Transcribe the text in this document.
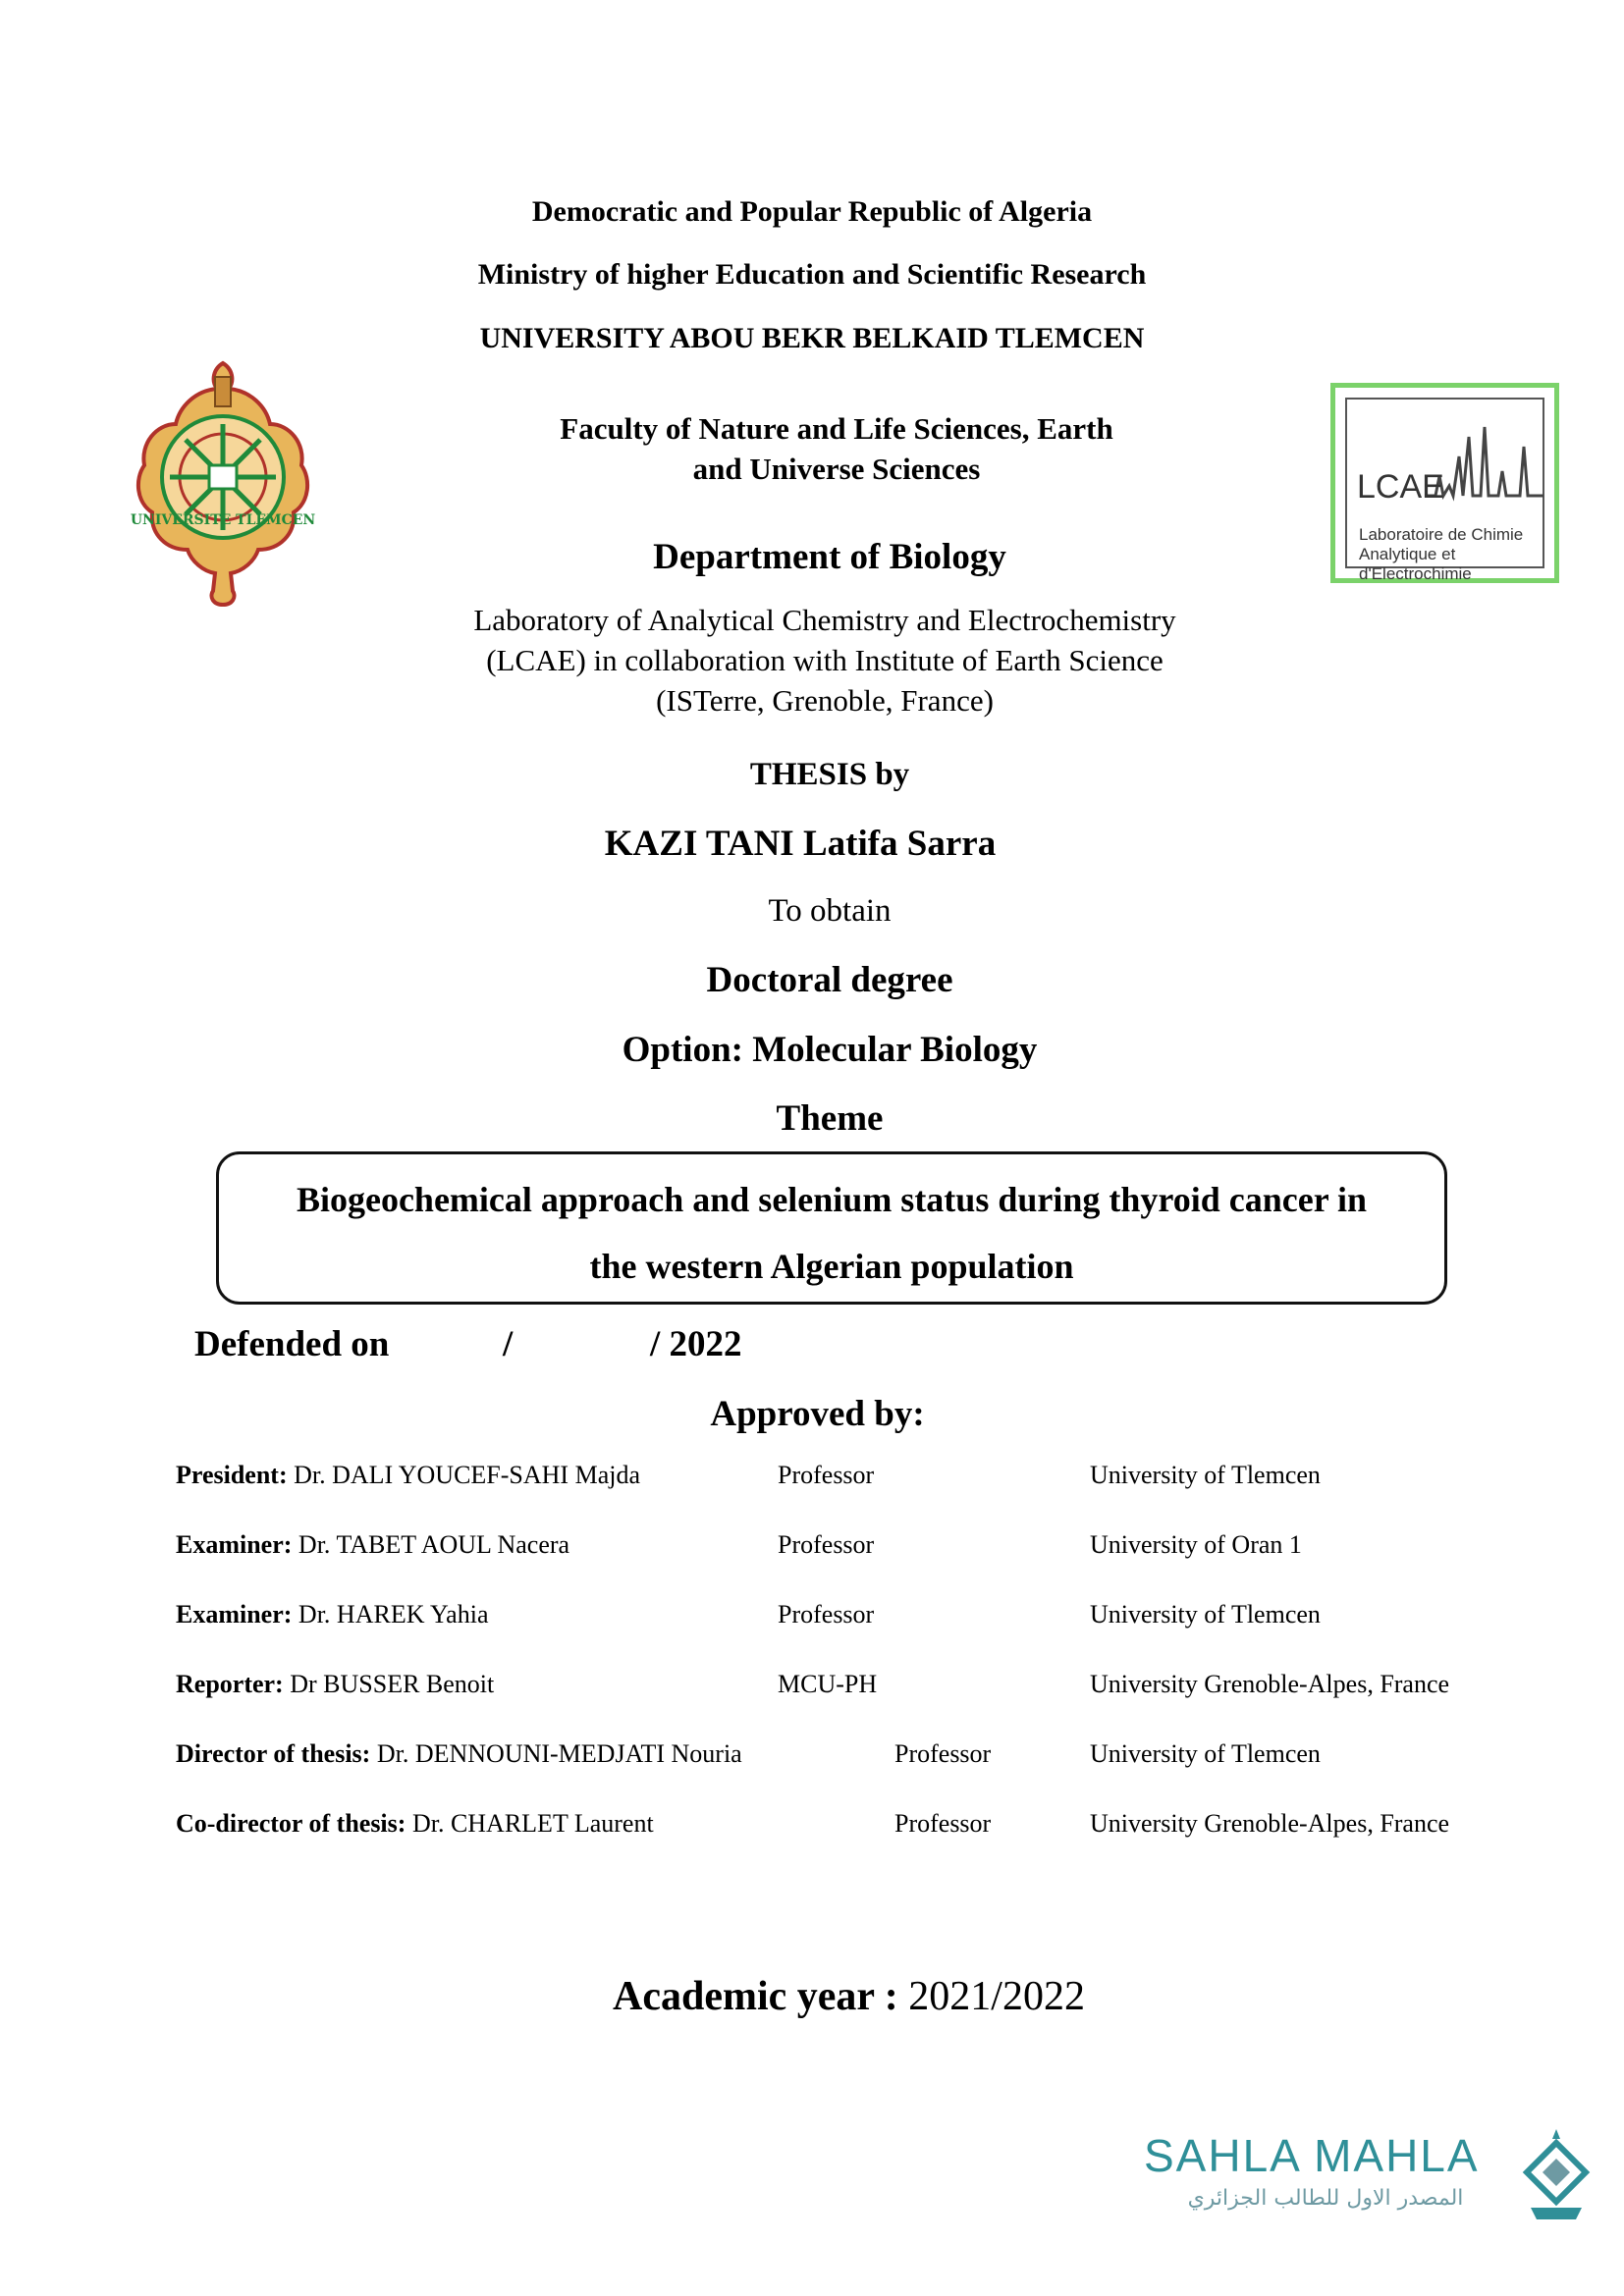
Democratic and Popular Republic of Algeria
Ministry of higher Education and Scientific Research
UNIVERSITY ABOU BEKR BELKAID TLEMCEN
UNIVERSITE TLEMCEN
LCAE
Laboratoire de Chimie
Analytique et d'Electrochimie
Faculty of Nature and Life Sciences, Earth
and Universe Sciences
Department of Biology
Laboratory of Analytical Chemistry and Electrochemistry
(LCAE) in collaboration with Institute of Earth Science
(ISTerre, Grenoble, France)
THESIS by
KAZI TANI Latifa Sarra
To obtain
Doctoral degree
Option: Molecular Biology
Theme
Biogeochemical approach and selenium status during thyroid cancer in
the western Algerian population
Defended on	/	/ 2022
Approved by:
President: Dr. DALI YOUCEF-SAHI Majda	Professor	University of Tlemcen
Examiner: Dr. TABET AOUL Nacera	Professor	University of Oran 1
Examiner: Dr. HAREK Yahia	Professor	University of Tlemcen
Reporter: Dr BUSSER Benoit	MCU-PH	University Grenoble-Alpes, France
Director of thesis: Dr. DENNOUNI-MEDJATI Nouria	Professor	University of Tlemcen
Co-director of thesis: Dr. CHARLET Laurent	Professor	University Grenoble-Alpes, France
Academic year : 2021/2022
SAHLA MAHLA
المصدر الاول للطالب الجزائري
